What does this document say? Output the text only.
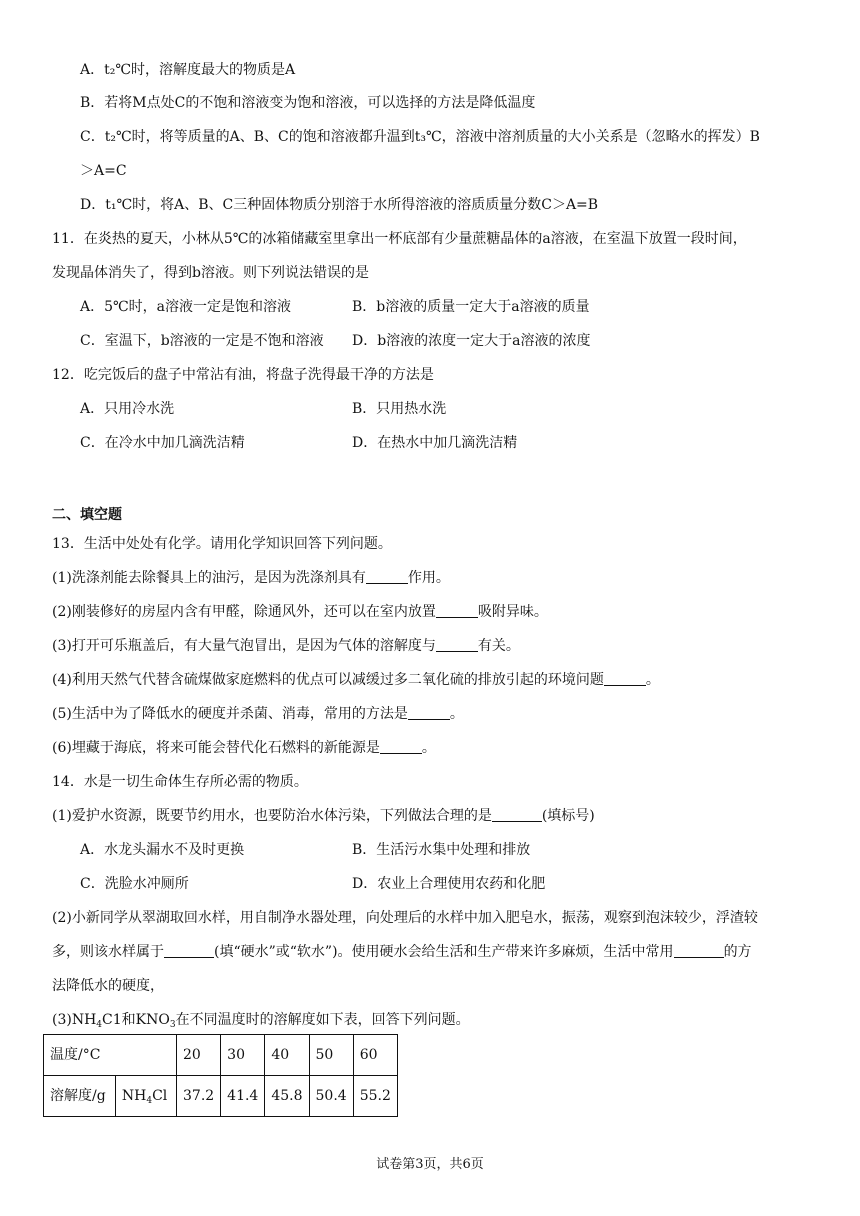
A．t₂℃时，溶解度最大的物质是A
B．若将M点处C的不饱和溶液变为饱和溶液，可以选择的方法是降低温度
C．t₂℃时，将等质量的A、B、C的饱和溶液都升温到t₃℃，溶液中溶剂质量的大小关系是（忽略水的挥发）B
＞A=C
D．t₁℃时，将A、B、C三种固体物质分别溶于水所得溶液的溶质质量分数C＞A=B
11．在炎热的夏天，小林从5℃的冰箱储藏室里拿出一杯底部有少量蔗糖晶体的a溶液，在室温下放置一段时间，
发现晶体消失了，得到b溶液。则下列说法错误的是
A．5℃时，a溶液一定是饱和溶液	B．b溶液的质量一定大于a溶液的质量
C．室温下，b溶液的一定是不饱和溶液 D．b溶液的浓度一定大于a溶液的浓度
12．吃完饭后的盘子中常沾有油，将盘子洗得最干净的方法是
A．只用冷水洗	B．只用热水洗
C．在冷水中加几滴洗洁精	D．在热水中加几滴洗洁精
二、填空题
13．生活中处处有化学。请用化学知识回答下列问题。
(1)洗涤剂能去除餐具上的油污，是因为洗涤剂具有	作用。
(2)刚装修好的房屋内含有甲醛，除通风外，还可以在室内放置	吸附异味。
(3)打开可乐瓶盖后，有大量气泡冒出，是因为气体的溶解度与	有关。
(4)利用天然气代替含硫煤做家庭燃料的优点可以减缓过多二氧化硫的排放引起的环境问题	。
(5)生活中为了降低水的硬度并杀菌、消毒，常用的方法是	。
(6)埋藏于海底，将来可能会替代化石燃料的新能源是	。
14．水是一切生命体生存所必需的物质。
(1)爱护水资源，既要节约用水，也要防治水体污染，下列做法合理的是	(填标号)
A．水龙头漏水不及时更换	B．生活污水集中处理和排放
C．洗脸水冲厕所	D．农业上合理使用农药和化肥
(2)小新同学从翠湖取回水样，用自制净水器处理，向处理后的水样中加入肥皂水，振荡，观察到泡沫较少，浮渣较
多，则该水样属于	(填“硬水”或“软水”)。使用硬水会给生活和生产带来许多麻烦，生活中常用	的方
法降低水的硬度，
$(3)NH_4C1$和$KNO_3$在不同温度时的溶解度如下表，回答下列问题。
温度/°C		20	30	40	50	60
溶解度/g	$NH_4Cl$	37.2	41.4	45.8	50.4	55.2
试卷第3页，共6页
